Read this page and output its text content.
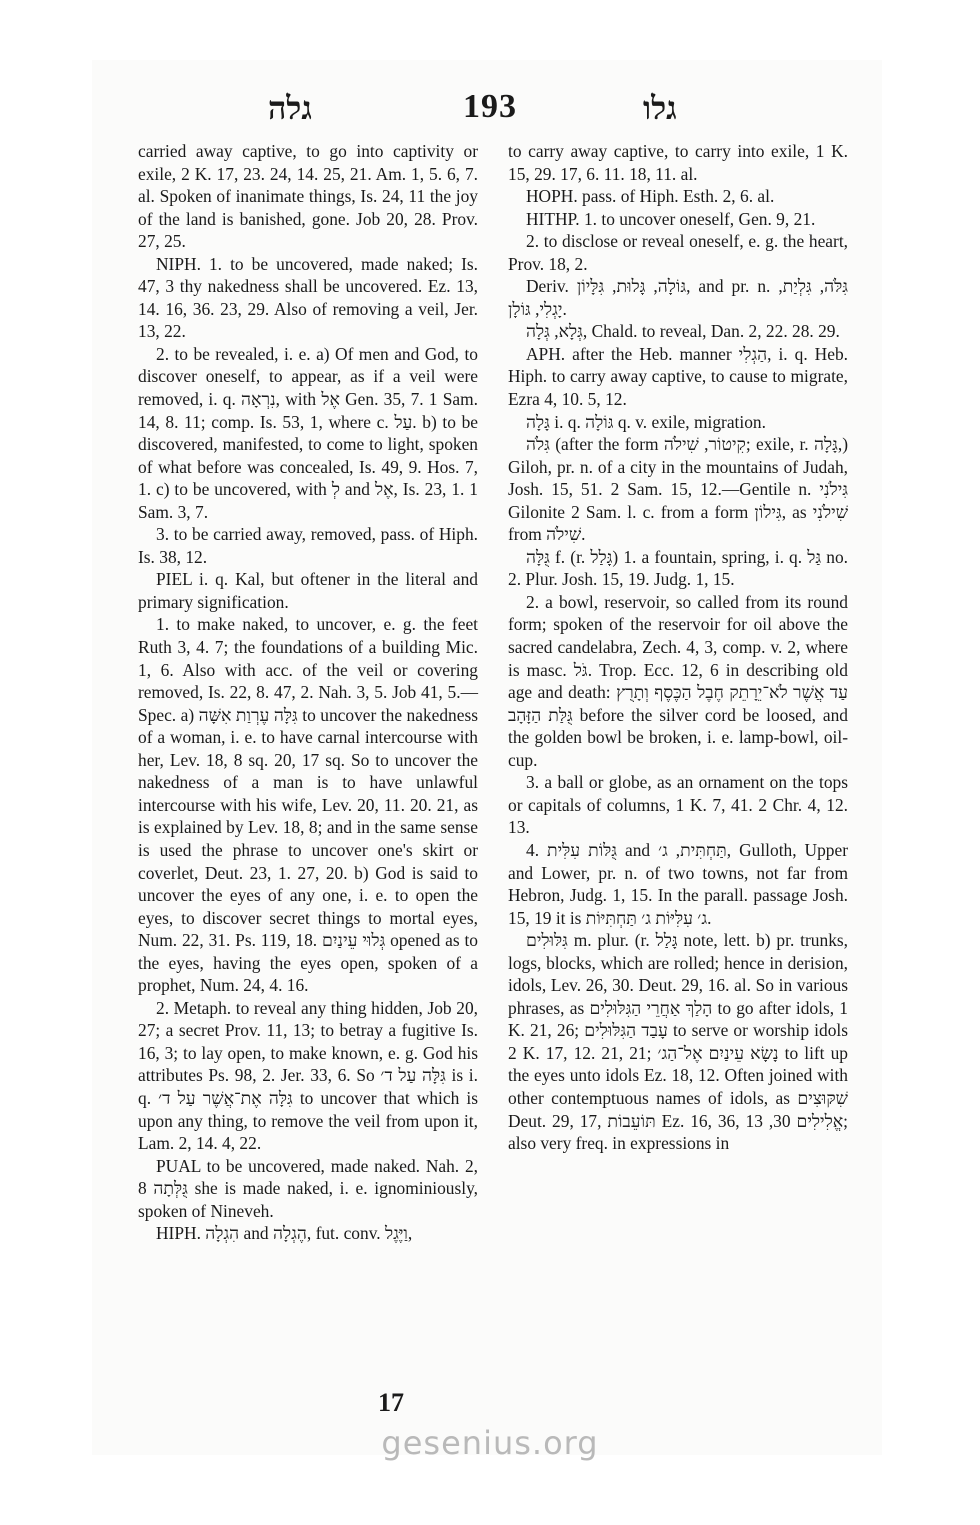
גלה	193	גלו

carried away captive, to go into captivity or exile, 2 K. 17, 23. 24, 14. 25, 21. Am. 1, 5. 6, 7. al. Spoken of inanimate things, Is. 24, 11 the joy of the land is banished, gone. Job 20, 28. Prov. 27, 25.

NIPH. 1. to be uncovered, made naked; Is. 47, 3 thy nakedness shall be uncovered. Ez. 13, 14. 16, 36. 23, 29. Also of removing a veil, Jer. 13, 22.

2. to be revealed, i. e. a) Of men and God, to discover oneself, to appear, as if a veil were removed, i. q. נִרְאָה, with אֶל Gen. 35, 7. 1 Sam. 14, 8. 11; comp. Is. 53, 1, where c. עַל. b) to be discovered, manifested, to come to light, spoken of what before was concealed, Is. 49, 9. Hos. 7, 1. c) to be uncovered, with לְ and אֶל, Is. 23, 1. 1 Sam. 3, 7.

3. to be carried away, removed, pass. of Hiph. Is. 38, 12.

PIEL i. q. Kal, but oftener in the literal and primary signification.

1. to make naked, to uncover, e. g. the feet Ruth 3, 4. 7; the foundations of a building Mic. 1, 6. Also with acc. of the veil or covering removed, Is. 22, 8. 47, 2. Nah. 3, 5. Job 41, 5.—Spec. a) גִּלָּה עֶרְוַת אִשָּׁה to uncover the nakedness of a woman, i. e. to have carnal intercourse with her, Lev. 18, 8 sq. 20, 17 sq. So to uncover the nakedness of a man is to have unlawful intercourse with his wife, Lev. 20, 11. 20. 21, as is explained by Lev. 18, 8; and in the same sense is used the phrase to uncover one's skirt or coverlet, Deut. 23, 1. 27, 20. b) God is said to uncover the eyes of any one, i. e. to open the eyes, to discover secret things to mortal eyes, Num. 22, 31. Ps. 119, 18. גְּלוּי עֵינַיִם opened as to the eyes, having the eyes open, spoken of a prophet, Num. 24, 4. 16.

2. Metaph. to reveal any thing hidden, Job 20, 27; a secret Prov. 11, 13; to betray a fugitive Is. 16, 3; to lay open, to make known, e. g. God his attributes Ps. 98, 2. Jer. 33, 6. So גִּלָּה עַל ד׳ is i. q. גִּלָּה אֶת־אֲשֶׁר עַל ד׳ to uncover that which is upon any thing, to remove the veil from upon it, Lam. 2, 14. 4, 22.

PUAL to be uncovered, made naked. Nah. 2, 8 גֻּלְּתָה she is made naked, i. e. ignominiously, spoken of Nineveh.

HIPH. הִגְלָה and הֶגְלָה, fut. conv. וַיֶּגֶל,

to carry away captive, to carry into exile, 1 K. 15, 29. 17, 6. 11. 18, 11. al.

HOPH. pass. of Hiph. Esth. 2, 6. al.

HITHP. 1. to uncover oneself, Gen. 9, 21.

2. to disclose or reveal oneself, e. g. the heart, Prov. 18, 2.

Deriv. גּוֹלָה, גָּלוּת, גִּלָּיוֹן, and pr. n. גִּלֹּה, גִּלְיַת, יָגְלִי, גּוֹלָן.

גְּלָא, גְּלָה, Chald. to reveal, Dan. 2, 22. 28. 29.

APH. after the Heb. manner הַגְלִי, i. q. Heb. Hiph. to carry away captive, to cause to migrate, Ezra 4, 10. 5, 12.

גָּלָה i. q. גּוֹלָה q. v. exile, migration.

גִּלֹה (after the form קִיטוֹר, שִׁילֹה; exile, r. גָּלָה,) Giloh, pr. n. of a city in the mountains of Judah, Josh. 15, 51. 2 Sam. 15, 12.—Gentile n. גִּילֹנִי Gilonite 2 Sam. l. c. from a form גִּילוֹן, as שִׁילֹנִי from שִׁילֹה.

גֻּלָּה f. (r. גָּלַל) 1. a fountain, spring, i. q. גַּל no. 2. Plur. Josh. 15, 19. Judg. 1, 15.

2. a bowl, reservoir, so called from its round form; spoken of the reservoir for oil above the sacred candelabra, Zech. 4, 3, comp. v. 2, where is masc. גֹּל. Trop. Ecc. 12, 6 in describing old age and death: עַד אֲשֶׁר לֹא־יֵרָתֵק חֶבֶל הַכֶּסֶף וְתָרֻץ גֻּלַּת הַזָּהָב before the silver cord be loosed, and the golden bowl be broken, i. e. lamp-bowl, oil-cup.

3. a ball or globe, as an ornament on the tops or capitals of columns, 1 K. 7, 41. 2 Chr. 4, 12. 13.

4. גֻּלּוֹת עִלִּית and תַּחְתִּית, ג׳, Gulloth, Upper and Lower, pr. n. of two towns, not far from Hebron, Judg. 1, 15. In the parall. passage Josh. 15, 19 it is ג׳ עִלִּיּוֹת ג׳ תַּחְתִּיּוֹת.

גִּלּוּלִים m. plur. (r. גָּלַל note, lett. b) pr. trunks, logs, blocks, which are rolled; hence in derision, idols, Lev. 26, 30. Deut. 29, 16. al. So in various phrases, as הָלַךְ אַחֲרֵי הַגִּלּוּלִים to go after idols, 1 K. 21, 26; עָבַד הַגִּלּוּלִים to serve or worship idols 2 K. 17, 12. 21, 21; נָשָׂא עֵינַיִם אֶל־הַג׳ to lift up the eyes unto idols Ez. 18, 12. Often joined with other contemptuous names of idols, as שִׁקּוּצִים Deut. 29, 17, תּוֹעֵבוֹת Ez. 16, 36, אֱלִילִים 30, 13; also very freq. in expressions in

17
gesenius.org
